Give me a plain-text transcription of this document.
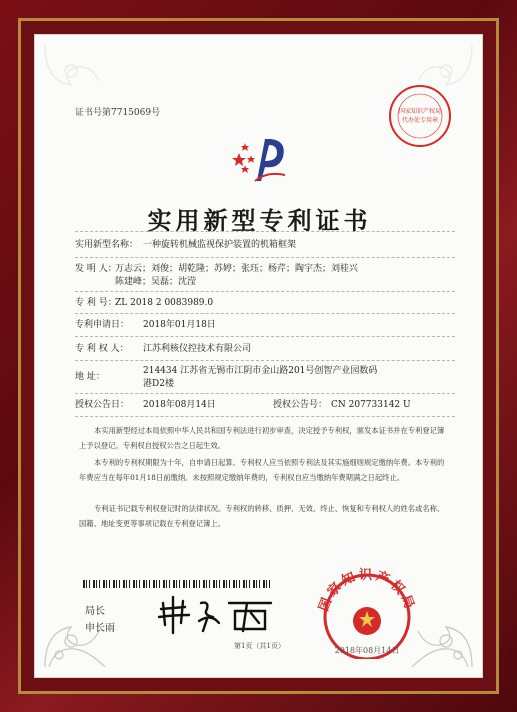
证书号第7715069号	国家知识产权局
代办处专用章
实用新型专利证书
实用新型名称： 一种旋转机械监视保护装置的机箱框架
发 明 人：
万志云；刘俊；胡乾隆；苏婷；张珏；杨芹；陶宇杰；刘桂兴
陈建峰；吴磊；沈滢
专 利 号：
ZL 2018 2 0083989.0
专利申请日： 2018年01月18日
专 利 权 人： 江苏利核仪控技术有限公司
地 址：
214434 江苏省无锡市江阴市金山路201号创智产业园数码
港D2楼
授权公告日： 2018年08月14日	授权公告号： CN 207733142 U
本实用新型经过本局依照中华人民共和国专利法进行初步审查，决定授予专利权，颁发本证书并在专利登记簿上予以登记。专利权自授权公告之日起生效。
本专利的专利权期限为十年，自申请日起算。专利权人应当依照专利法及其实施细则规定缴纳年费。本专利的年费应当在每年01月18日前缴纳。未按照规定缴纳年费的，专利权自应当缴纳年费期满之日起终止。
专利证书记载专利权登记时的法律状况。专利权的转移、质押、无效、终止、恢复和专利权人的姓名或名称、国籍、地址变更等事项记载在专利登记簿上。
局长
申长雨
国家知识产权局
2018年08月14日
第1页（共1页）
